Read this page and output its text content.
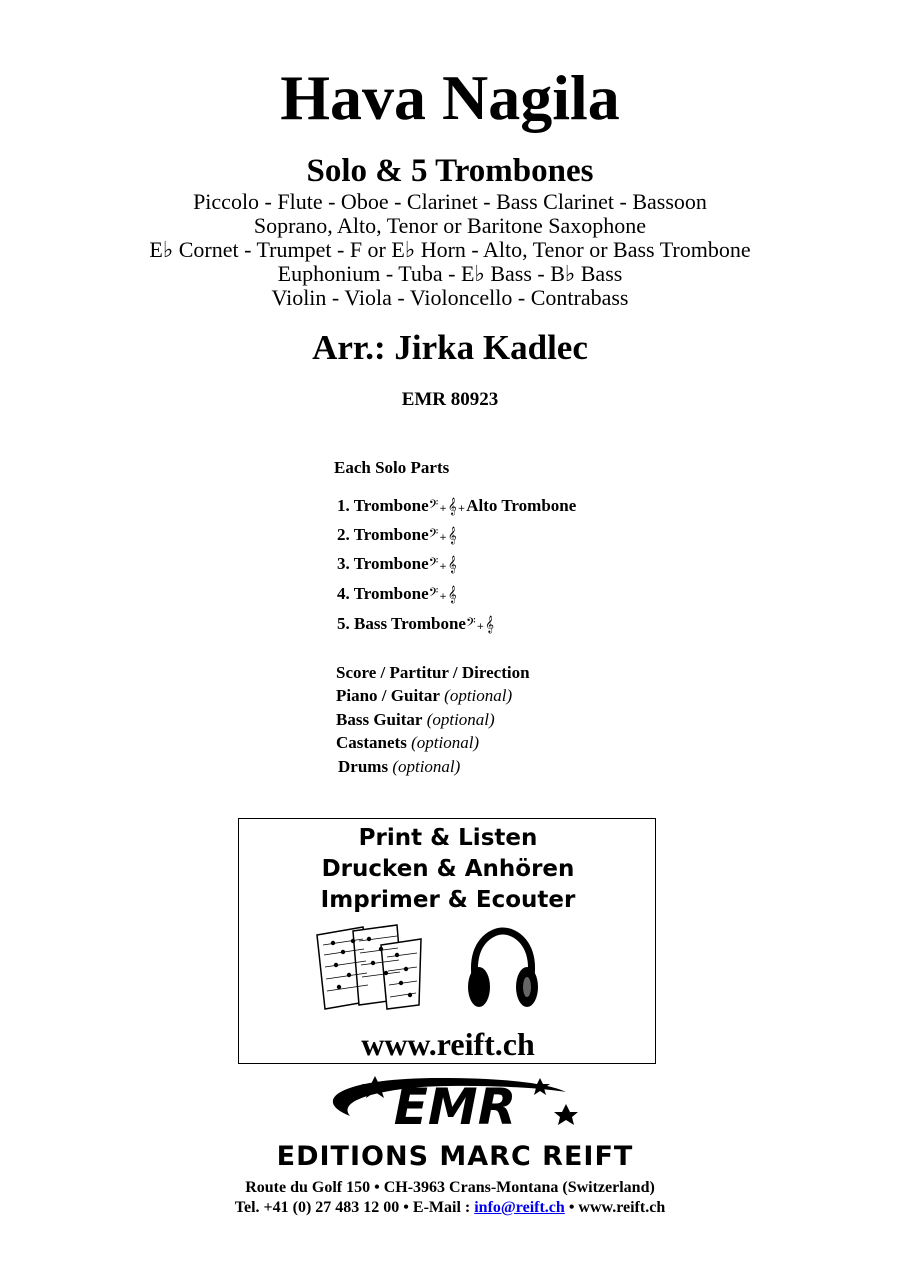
Hava Nagila
Solo & 5 Trombones
Piccolo - Flute - Oboe - Clarinet - Bass Clarinet - Bassoon
Soprano, Alto, Tenor or Baritone Saxophone
E♭ Cornet - Trumpet - F or E♭ Horn - Alto, Tenor or Bass Trombone
Euphonium - Tuba - E♭ Bass - B♭ Bass
Violin - Viola - Violoncello - Contrabass
Arr.: Jirka Kadlec
EMR 80923
Each Solo Parts
1. Trombone𝄢+𝄞+Alto Trombone
2. Trombone𝄢+𝄞
3. Trombone𝄢+𝄞
4. Trombone𝄢+𝄞
5. Bass Trombone𝄢+𝄞
Score / Partitur / Direction
Piano / Guitar (optional)
Bass Guitar (optional)
Castanets (optional)
Drums (optional)
Print & Listen
Drucken & Anhören
Imprimer & Ecouter
www.reift.ch
EMR
EDITIONS MARC REIFT
Route du Golf 150 • CH-3963 Crans-Montana (Switzerland)
Tel. +41 (0) 27 483 12 00 • E-Mail : info@reift.ch • www.reift.ch
